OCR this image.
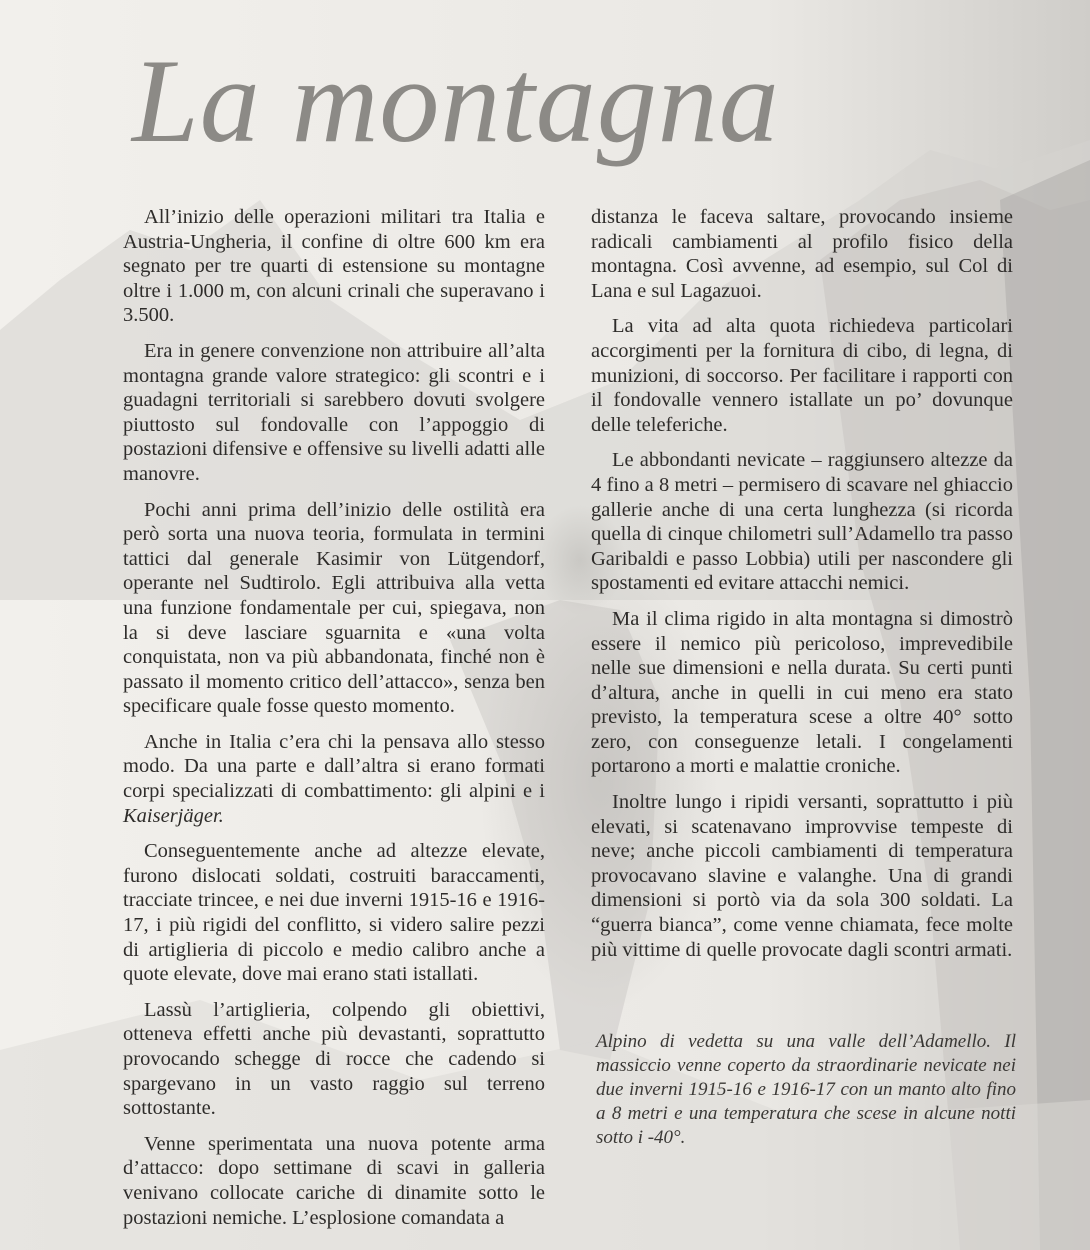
La montagna

All’inizio delle operazioni militari tra Italia e Austria-Ungheria, il confine di oltre 600 km era segnato per tre quarti di estensione su montagne oltre i 1.000 m, con alcuni crinali che superavano i 3.500.

Era in genere convenzione non attribuire all’alta montagna grande valore strategico: gli scontri e i guadagni territoriali si sarebbero dovuti svolgere piuttosto sul fondovalle con l’appoggio di postazioni difensive e offensive su livelli adatti alle manovre.

Pochi anni prima dell’inizio delle ostilità era però sorta una nuova teoria, formulata in termini tattici dal generale Kasimir von Lütgendorf, operante nel Sudtirolo. Egli attribuiva alla vetta una funzione fondamentale per cui, spiegava, non la si deve lasciare sguarnita e «una volta conquistata, non va più abbandonata, finché non è passato il momento critico dell’attacco», senza ben specificare quale fosse questo momento.

Anche in Italia c’era chi la pensava allo stesso modo. Da una parte e dall’altra si erano formati corpi specializzati di combattimento: gli alpini e i Kaiserjäger.

Conseguentemente anche ad altezze elevate, furono dislocati soldati, costruiti baraccamenti, tracciate trincee, e nei due inverni 1915-16 e 1916-17, i più rigidi del conflitto, si videro salire pezzi di artiglieria di piccolo e medio calibro anche a quote elevate, dove mai erano stati istallati.

Lassù l’artiglieria, colpendo gli obiettivi, otteneva effetti anche più devastanti, soprattutto provocando schegge di rocce che cadendo si spargevano in un vasto raggio sul terreno sottostante.

Venne sperimentata una nuova potente arma d’attacco: dopo settimane di scavi in galleria venivano collocate cariche di dinamite sotto le postazioni nemiche. L’esplosione comandata a

distanza le faceva saltare, provocando insieme radicali cambiamenti al profilo fisico della montagna. Così avvenne, ad esempio, sul Col di Lana e sul Lagazuoi.

La vita ad alta quota richiedeva particolari accorgimenti per la fornitura di cibo, di legna, di munizioni, di soccorso. Per facilitare i rapporti con il fondovalle vennero istallate un po’ dovunque delle teleferiche.

Le abbondanti nevicate – raggiunsero altezze da 4 fino a 8 metri – permisero di scavare nel ghiaccio gallerie anche di una certa lunghezza (si ricorda quella di cinque chilometri sull’Adamello tra passo Garibaldi e passo Lobbia) utili per nascondere gli spostamenti ed evitare attacchi nemici.

Ma il clima rigido in alta montagna si dimostrò essere il nemico più pericoloso, imprevedibile nelle sue dimensioni e nella durata. Su certi punti d’altura, anche in quelli in cui meno era stato previsto, la temperatura scese a oltre 40° sotto zero, con conseguenze letali. I congelamenti portarono a morti e malattie croniche.

Inoltre lungo i ripidi versanti, soprattutto i più elevati, si scatenavano improvvise tempeste di neve; anche piccoli cambiamenti di temperatura provocavano slavine e valanghe. Una di grandi dimensioni si portò via da sola 300 soldati. La “guerra bianca”, come venne chiamata, fece molte più vittime di quelle provocate dagli scontri armati.

Alpino di vedetta su una valle dell’Adamello. Il massiccio venne coperto da straordinarie nevicate nei due inverni 1915-16 e 1916-17 con un manto alto fino a 8 metri e una temperatura che scese in alcune notti sotto i -40°.
